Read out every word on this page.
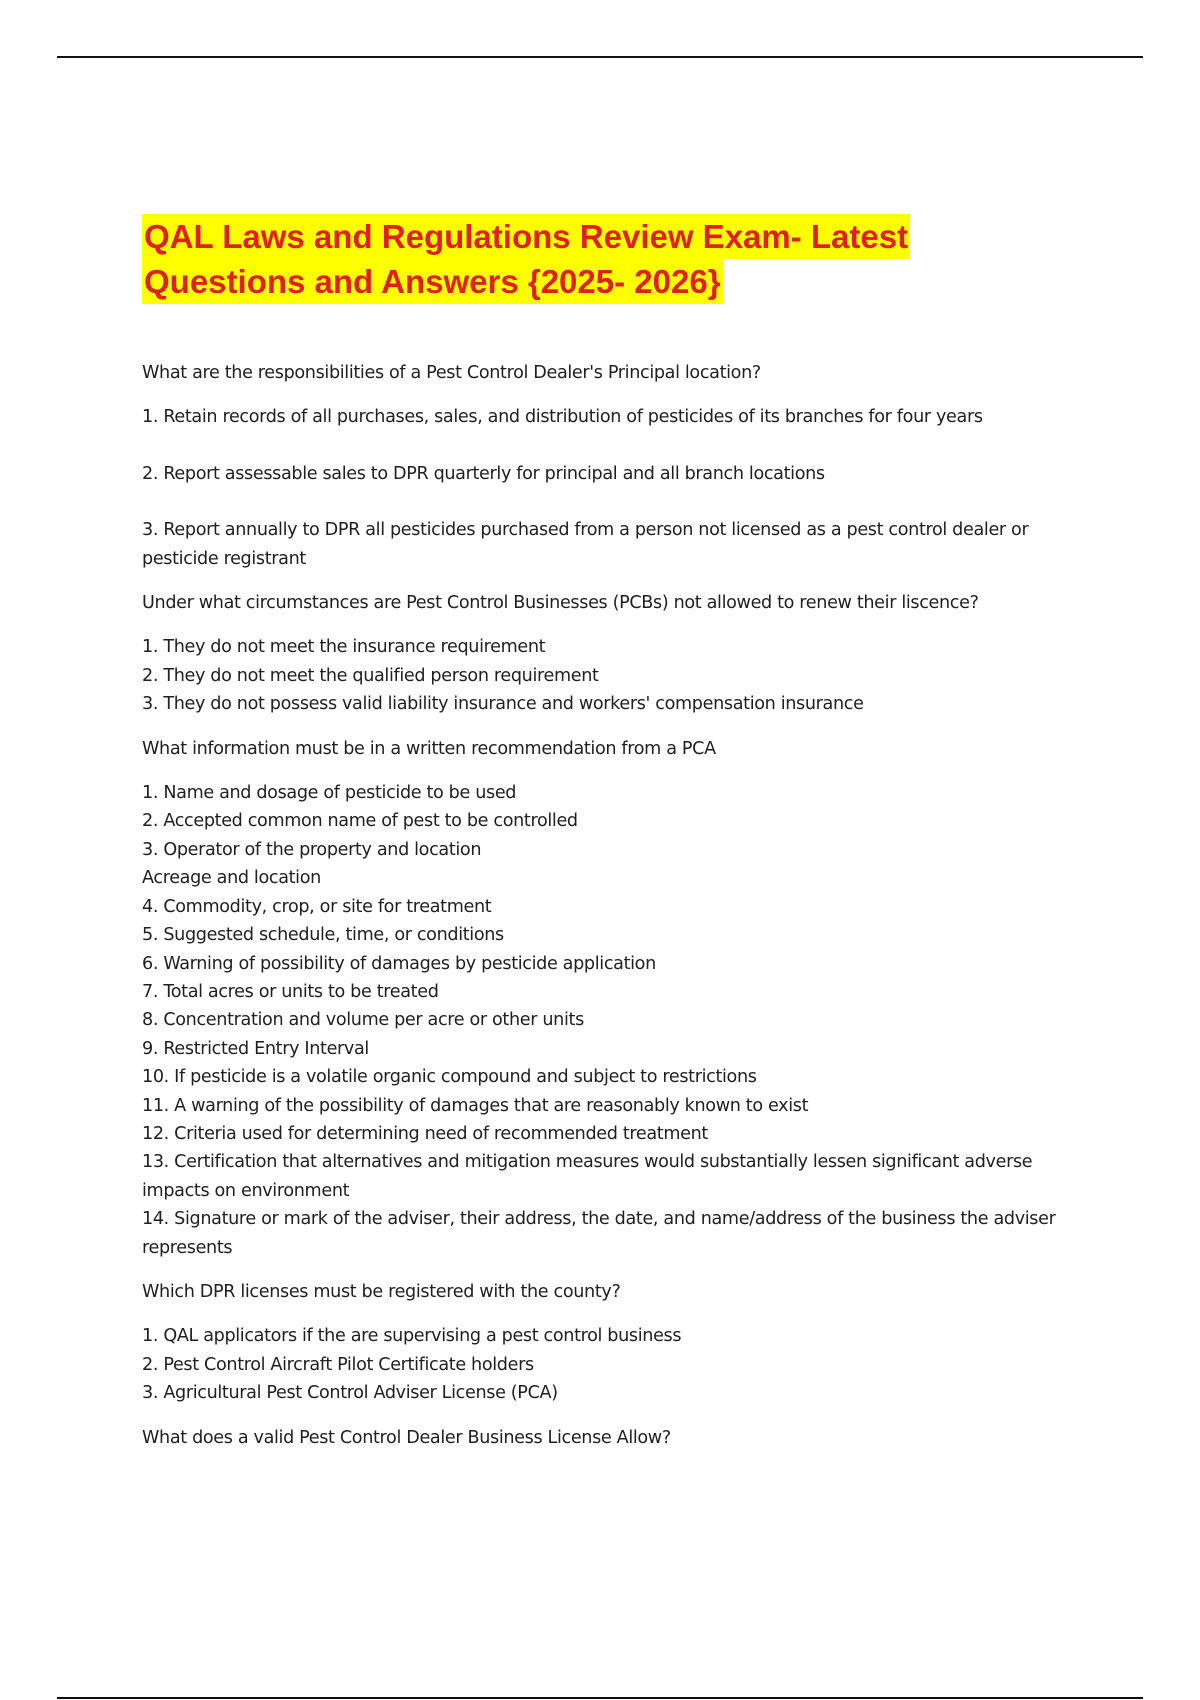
QAL Laws and Regulations Review Exam- Latest
Questions and Answers {2025- 2026}

What are the responsibilities of a Pest Control Dealer's Principal location?

1. Retain records of all purchases, sales, and distribution of pesticides of its branches for four years

2. Report assessable sales to DPR quarterly for principal and all branch locations

3. Report annually to DPR all pesticides purchased from a person not licensed as a pest control dealer or pesticide registrant

Under what circumstances are Pest Control Businesses (PCBs) not allowed to renew their liscence?

1. They do not meet the insurance requirement

2. They do not meet the qualified person requirement

3. They do not possess valid liability insurance and workers' compensation insurance

What information must be in a written recommendation from a PCA

1. Name and dosage of pesticide to be used

2. Accepted common name of pest to be controlled

3. Operator of the property and location

Acreage and location

4. Commodity, crop, or site for treatment

5. Suggested schedule, time, or conditions

6. Warning of possibility of damages by pesticide application

7. Total acres or units to be treated

8. Concentration and volume per acre or other units

9. Restricted Entry Interval

10. If pesticide is a volatile organic compound and subject to restrictions

11. A warning of the possibility of damages that are reasonably known to exist

12. Criteria used for determining need of recommended treatment

13. Certification that alternatives and mitigation measures would substantially lessen significant adverse impacts on environment

14. Signature or mark of the adviser, their address, the date, and name/address of the business the adviser represents

Which DPR licenses must be registered with the county?

1. QAL applicators if the are supervising a pest control business

2. Pest Control Aircraft Pilot Certificate holders

3. Agricultural Pest Control Adviser License (PCA)

What does a valid Pest Control Dealer Business License Allow?
